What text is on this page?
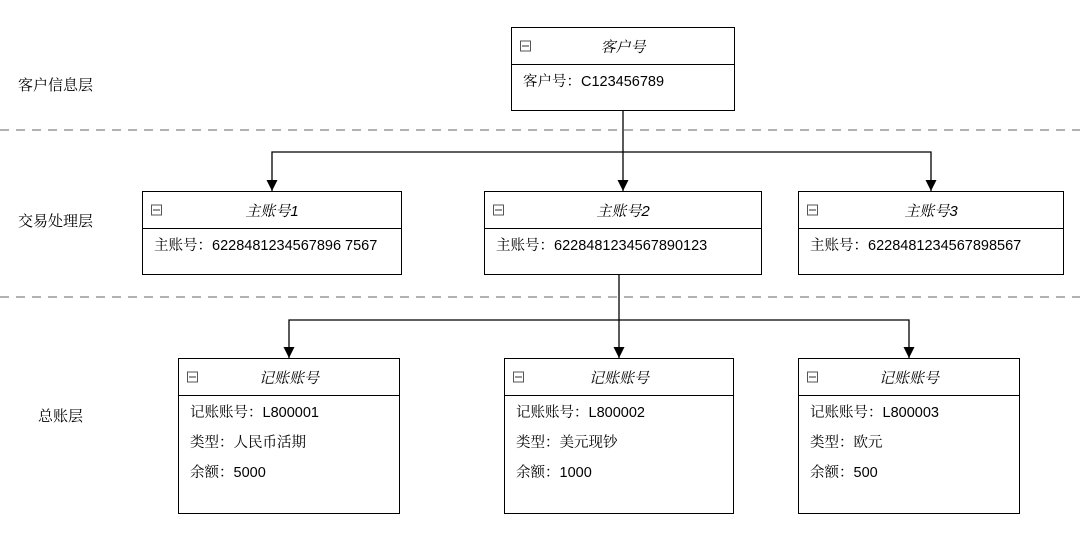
客户信息层
交易处理层
总账层
客户号
客户号：C123456789
主账号1
主账号：6228481234567896 7567
主账号2
主账号：6228481234567890123
主账号3
主账号：6228481234567898567
记账账号
记账账号：L800001
类型：人民币活期
余额：5000
记账账号
记账账号：L800002
类型：美元现钞
余额：1000
记账账号
记账账号：L800003
类型：欧元
余额：500
